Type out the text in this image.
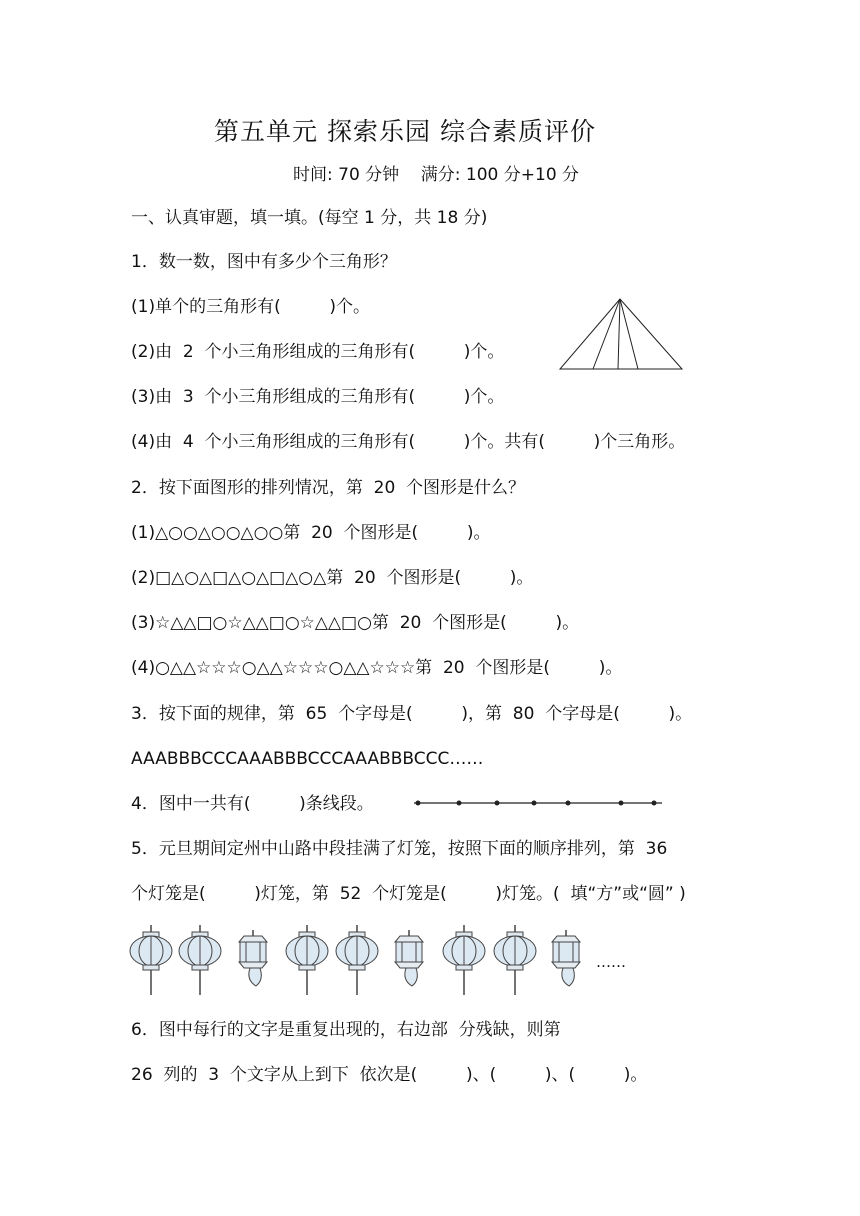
第五单元 探索乐园 综合素质评价
时间: 70 分钟    满分: 100 分+10 分
一、认真审题，填一填。(每空 1 分，共 18 分)
1．数一数，图中有多少个三角形？
(1)单个的三角形有(         )个。
(2)由  2  个小三角形组成的三角形有(         )个。
(3)由  3  个小三角形组成的三角形有(         )个。
(4)由  4  个小三角形组成的三角形有(         )个。共有(         )个三角形。
2．按下面图形的排列情况，第  20  个图形是什么？
(1)△○○△○○△○○第  20  个图形是(         )。
(2)□△○△□△○△□△○△第  20  个图形是(         )。
(3)☆△△□○☆△△□○☆△△□○第  20  个图形是(         )。
(4)○△△☆☆☆○△△☆☆☆○△△☆☆☆第  20  个图形是(         )。
3．按下面的规律，第  65  个字母是(         )，第  80  个字母是(         )。
AAABBBCCCAAABBBCCCAAABBBCCC……
4．图中一共有(         )条线段。
5．元旦期间定州中山路中段挂满了灯笼，按照下面的顺序排列，第  36
个灯笼是(         )灯笼，第  52  个灯笼是(         )灯笼。(  填“方”或“圆” )
……
6．图中每行的文字是重复出现的，右边部  分残缺，则第
26  列的  3  个文字从上到下  依次是(         )、(         )、(         )。
